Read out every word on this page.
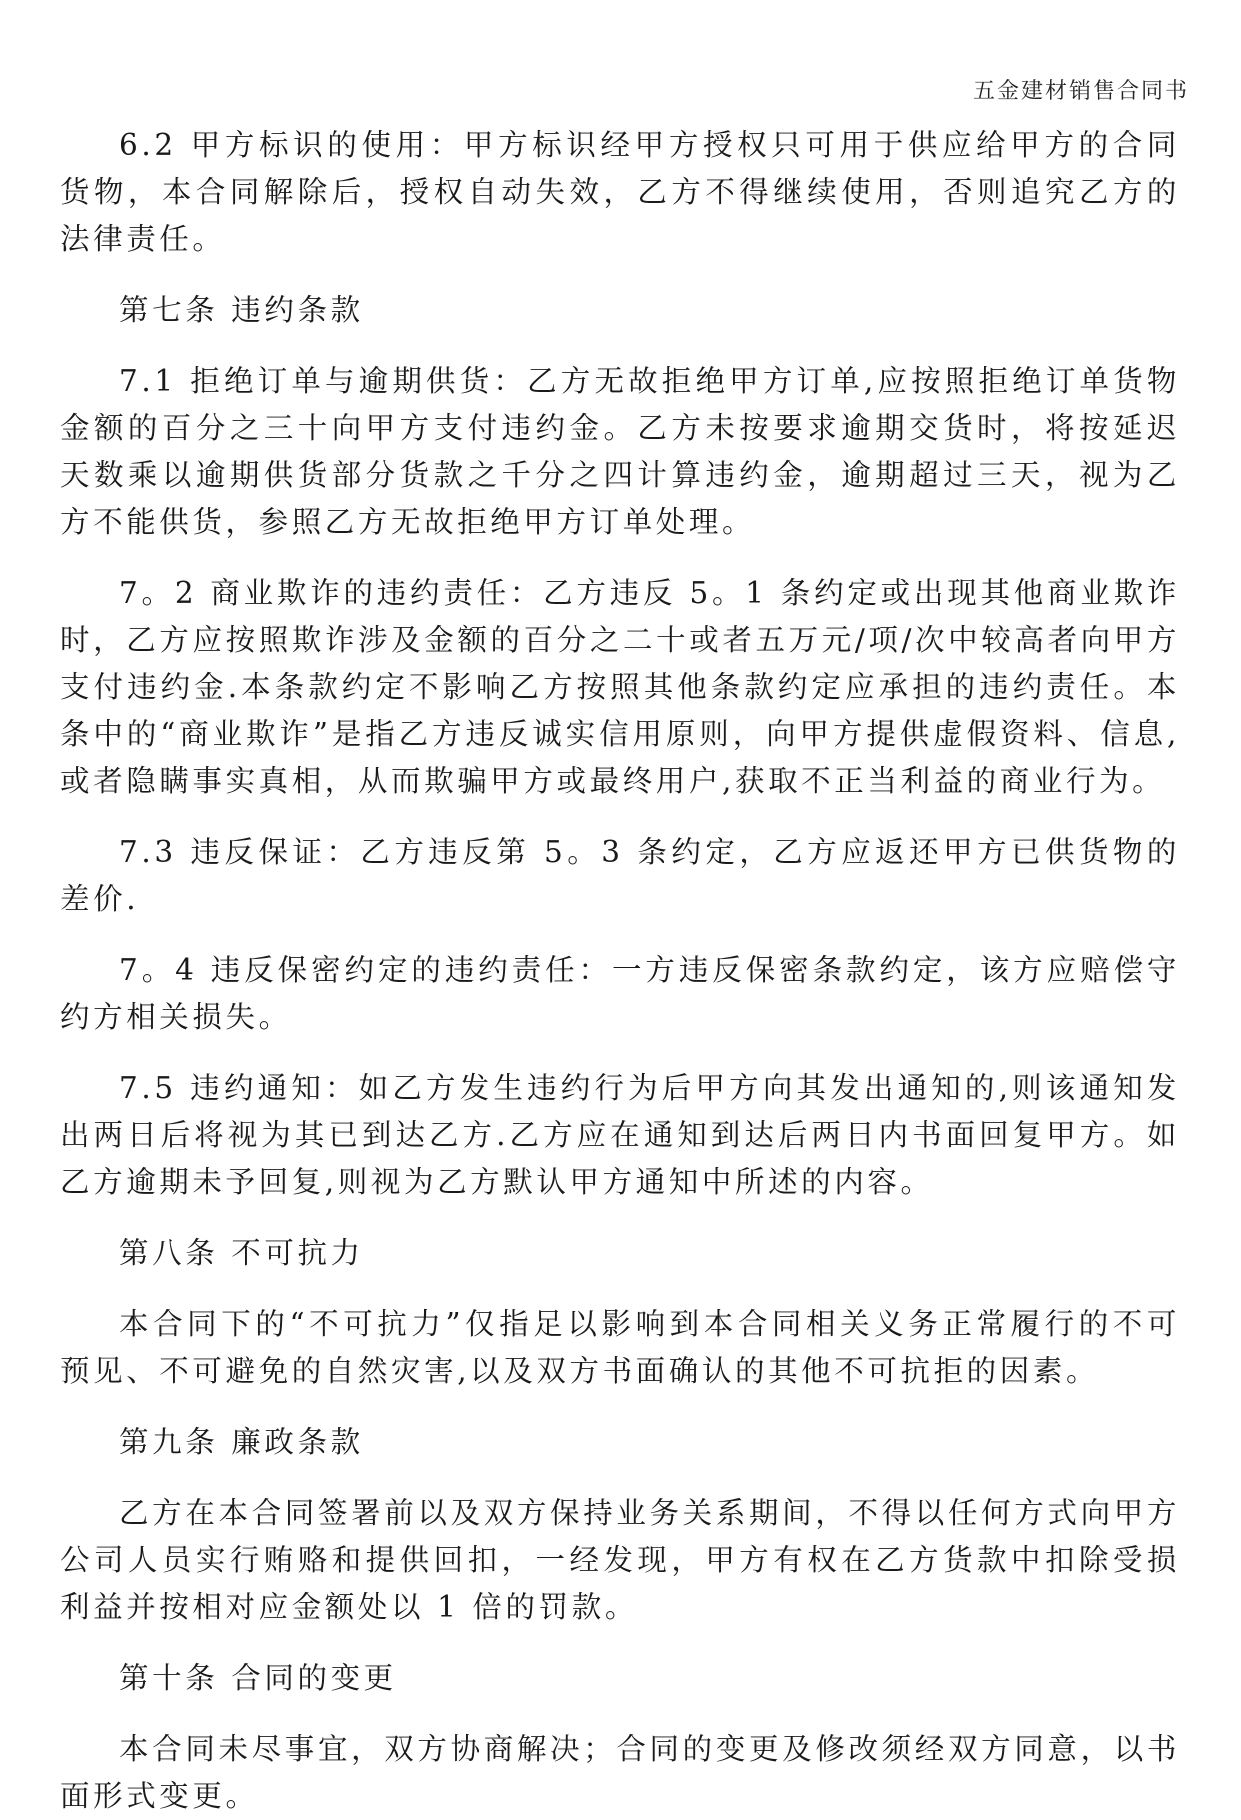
五金建材销售合同书

6.2 甲方标识的使用：甲方标识经甲方授权只可用于供应给甲方的合同货物，本合同解除后，授权自动失效，乙方不得继续使用，否则追究乙方的法律责任。

第七条 违约条款

7.1 拒绝订单与逾期供货：乙方无故拒绝甲方订单,应按照拒绝订单货物金额的百分之三十向甲方支付违约金。乙方未按要求逾期交货时，将按延迟天数乘以逾期供货部分货款之千分之四计算违约金，逾期超过三天，视为乙方不能供货，参照乙方无故拒绝甲方订单处理。

7。2 商业欺诈的违约责任：乙方违反 5。1 条约定或出现其他商业欺诈时，乙方应按照欺诈涉及金额的百分之二十或者五万元/项/次中较高者向甲方支付违约金.本条款约定不影响乙方按照其他条款约定应承担的违约责任。本条中的“商业欺诈”是指乙方违反诚实信用原则，向甲方提供虚假资料、信息,或者隐瞒事实真相，从而欺骗甲方或最终用户,获取不正当利益的商业行为。

7.3 违反保证：乙方违反第 5。3 条约定，乙方应返还甲方已供货物的差价.

7。4 违反保密约定的违约责任：一方违反保密条款约定，该方应赔偿守约方相关损失。

7.5 违约通知：如乙方发生违约行为后甲方向其发出通知的,则该通知发出两日后将视为其已到达乙方.乙方应在通知到达后两日内书面回复甲方。如乙方逾期未予回复,则视为乙方默认甲方通知中所述的内容。

第八条 不可抗力

本合同下的“不可抗力”仅指足以影响到本合同相关义务正常履行的不可预见、不可避免的自然灾害,以及双方书面确认的其他不可抗拒的因素。

第九条 廉政条款

乙方在本合同签署前以及双方保持业务关系期间，不得以任何方式向甲方公司人员实行贿赂和提供回扣，一经发现，甲方有权在乙方货款中扣除受损利益并按相对应金额处以 1 倍的罚款。

第十条 合同的变更

本合同未尽事宜，双方协商解决；合同的变更及修改须经双方同意，以书面形式变更。
